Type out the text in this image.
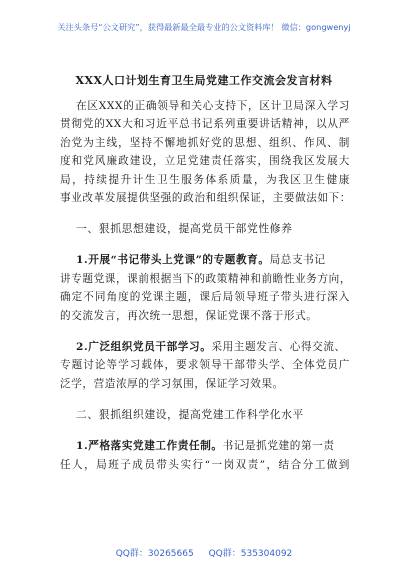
关注头条号“公文研究”，获得最新最全最专业的公文资料库！ 微信：gongwenyj
XXX人口计划生育卫生局党建工作交流会发言材料
在区XXX的正确领导和关心支持下，区计卫局深入学习
贯彻党的XX大和习近平总书记系列重要讲话精神，以从严
治党为主线，坚持不懈地抓好党的思想、组织、作风、制
度和党风廉政建设，立足党建责任落实，围绕我区发展大
局，持续提升计生卫生服务体系质量，为我区卫生健康
事业改革发展提供坚强的政治和组织保证，主要做法如下：
一、狠抓思想建设，提高党员干部党性修养
1.开展“书记带头上党课”的专题教育。局总支书记
讲专题党课，课前根据当下的政策精神和前瞻性业务方向，
确定不同角度的党课主题，课后局领导班子带头进行深入
的交流发言，再次统一思想，保证党课不落于形式。
2.广泛组织党员干部学习。采用主题发言、心得交流、
专题讨论等学习载体，要求领导干部带头学、全体党员广
泛学，营造浓厚的学习氛围，保证学习效果。
二、狠抓组织建设，提高党建工作科学化水平
1.严格落实党建工作责任制。书记是抓党建的第一责
任人，局班子成员带头实行“一岗双责”，结合分工做到
QQ群：30265665 QQ群：535304092
